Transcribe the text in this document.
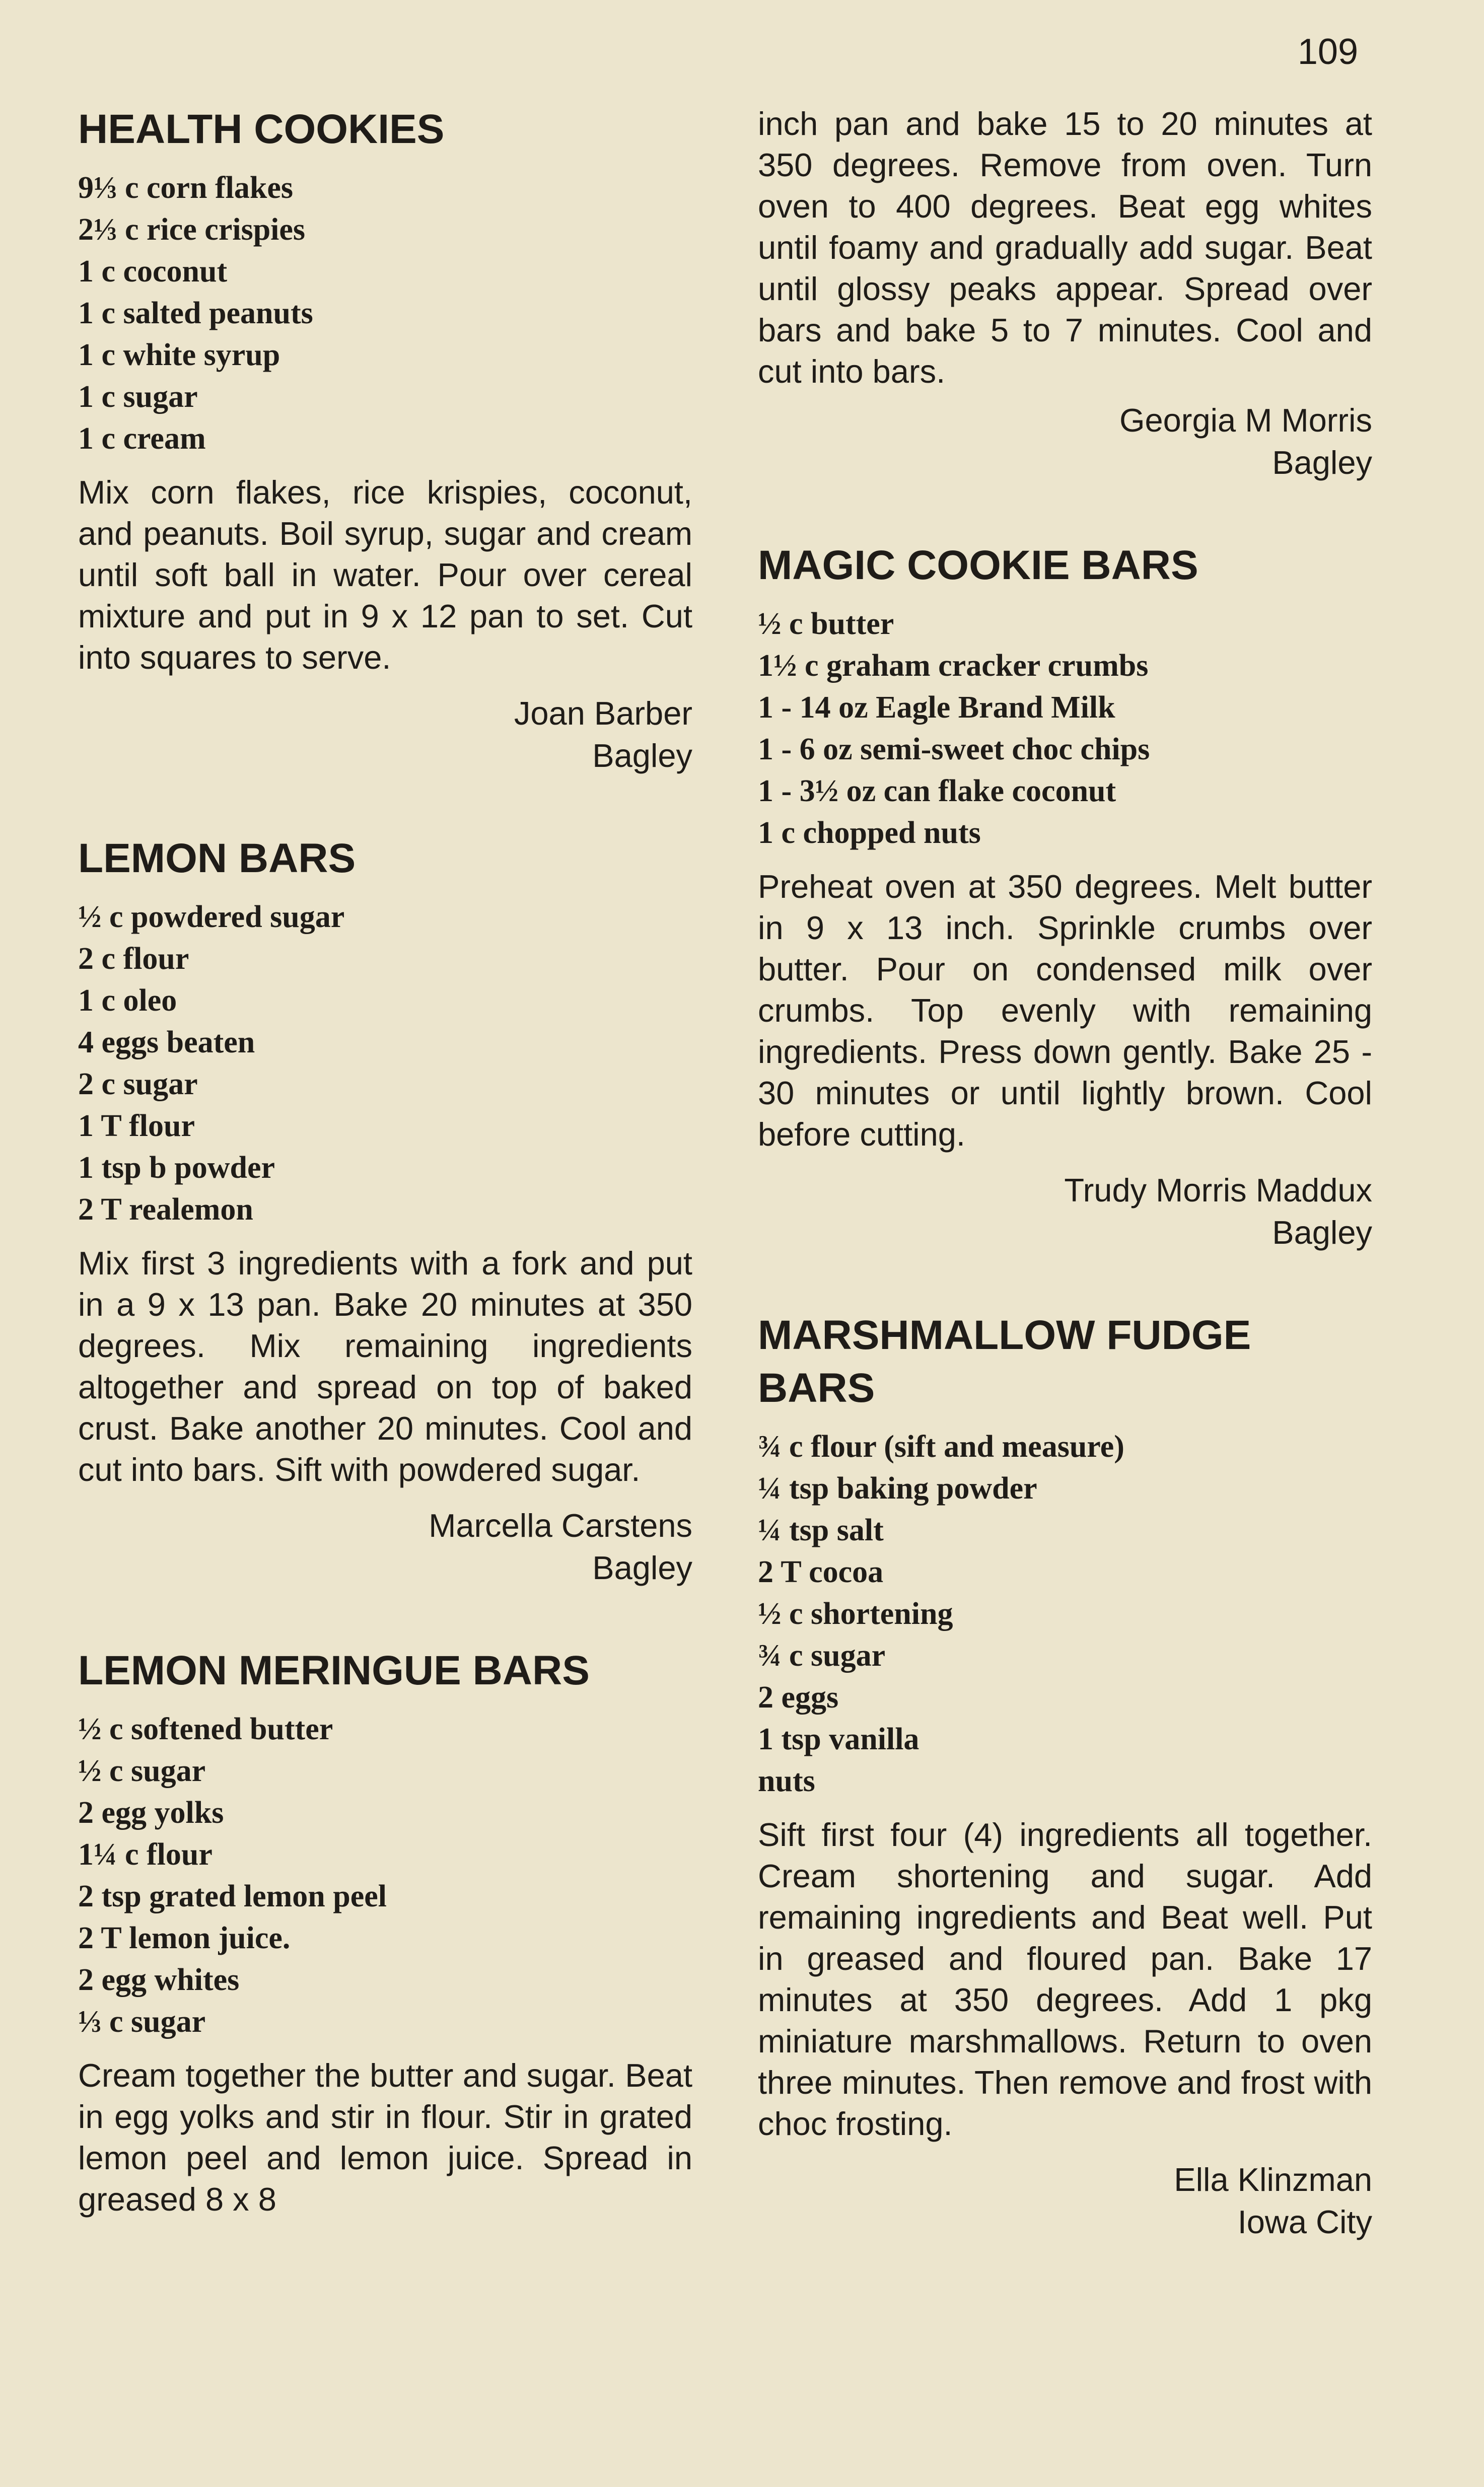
109
HEALTH COOKIES
9⅓ c corn flakes
2⅓ c rice crispies
1 c coconut
1 c salted peanuts
1 c white syrup
1 c sugar
1 c cream

Mix corn flakes, rice krispies, coconut, and peanuts. Boil syrup, sugar and cream until soft ball in water. Pour over cereal mixture and put in 9 x 12 pan to set. Cut into squares to serve.

Joan Barber
Bagley
LEMON BARS
½ c powdered sugar
2 c flour
1 c oleo
4 eggs beaten
2 c sugar
1 T flour
1 tsp b powder
2 T realemon

Mix first 3 ingredients with a fork and put in a 9 x 13 pan. Bake 20 minutes at 350 degrees. Mix remaining ingredients altogether and spread on top of baked crust. Bake another 20 minutes. Cool and cut into bars. Sift with powdered sugar.

Marcella Carstens
Bagley
LEMON MERINGUE BARS
½ c softened butter
½ c sugar
2 egg yolks
1¼ c flour
2 tsp grated lemon peel
2 T lemon juice.
2 egg whites
⅓ c sugar

Cream together the butter and sugar. Beat in egg yolks and stir in flour. Stir in grated lemon peel and lemon juice. Spread in greased 8 x 8

inch pan and bake 15 to 20 minutes at 350 degrees. Remove from oven. Turn oven to 400 degrees. Beat egg whites until foamy and gradually add sugar. Beat until glossy peaks appear. Spread over bars and bake 5 to 7 minutes. Cool and cut into bars.

Georgia M Morris
Bagley
MAGIC COOKIE BARS
½ c butter
1½ c graham cracker crumbs
1 - 14 oz Eagle Brand Milk
1 - 6 oz semi-sweet choc chips
1 - 3½ oz can flake coconut
1 c chopped nuts

Preheat oven at 350 degrees. Melt butter in 9 x 13 inch. Sprinkle crumbs over butter. Pour on condensed milk over crumbs. Top evenly with remaining ingredients. Press down gently. Bake 25 - 30 minutes or until lightly brown. Cool before cutting.

Trudy Morris Maddux
Bagley
MARSHMALLOW FUDGE BARS
¾ c flour (sift and measure)
¼ tsp baking powder
¼ tsp salt
2 T cocoa
½ c shortening
¾ c sugar
2 eggs
1 tsp vanilla
nuts

Sift first four (4) ingredients all together. Cream shortening and sugar. Add remaining ingredients and Beat well. Put in greased and floured pan. Bake 17 minutes at 350 degrees. Add 1 pkg miniature marshmallows. Return to oven three minutes. Then remove and frost with choc frosting.

Ella Klinzman
Iowa City
